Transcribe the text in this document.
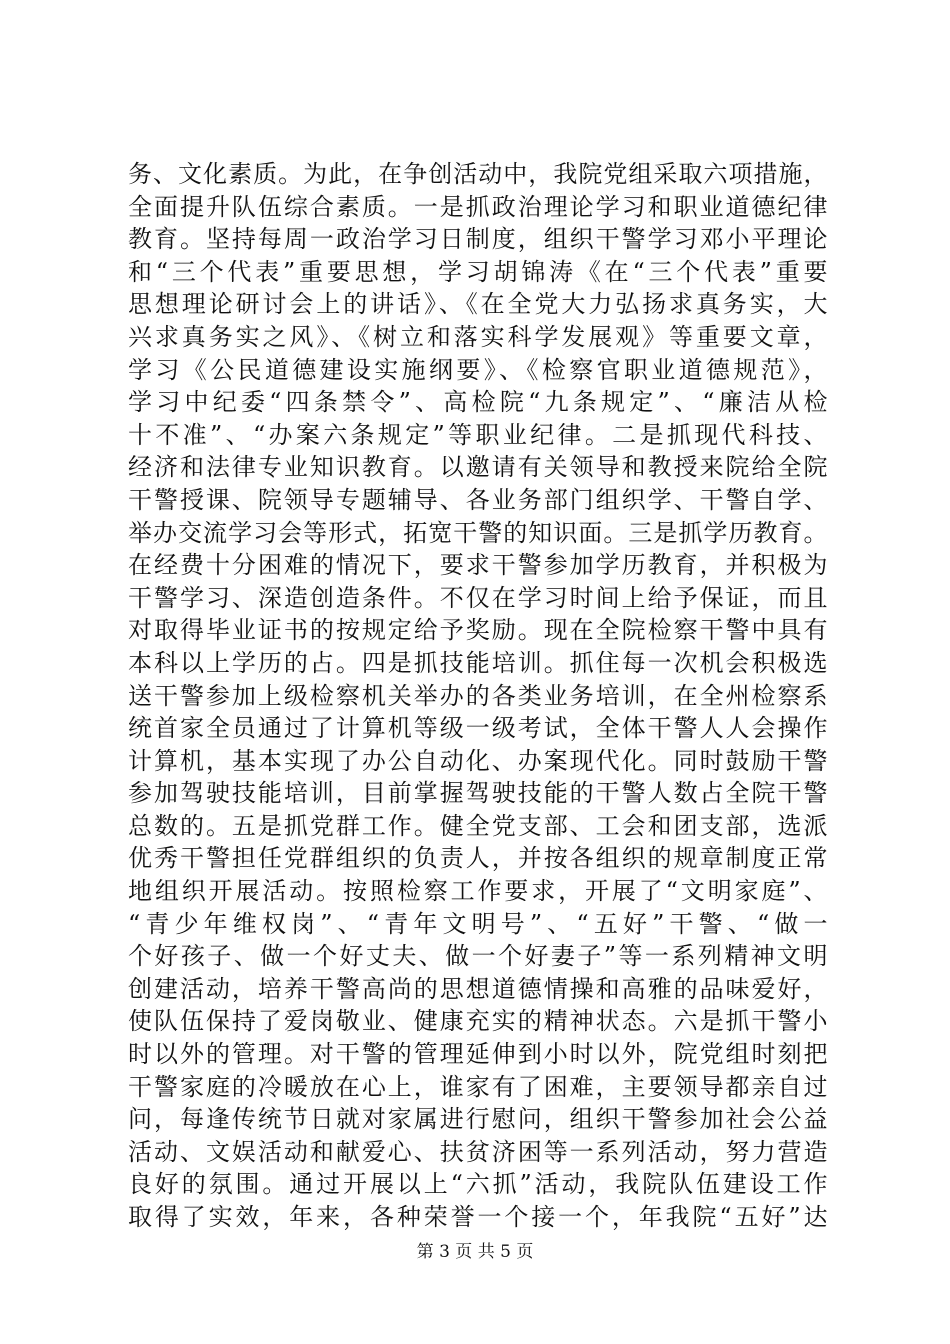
务、文化素质。为此，在争创活动中，我院党组采取六项措施，
全面提升队伍综合素质。一是抓政治理论学习和职业道德纪律
教育。坚持每周一政治学习日制度，组织干警学习邓小平理论
和“三个代表”重要思想，学习胡锦涛《在“三个代表”重要
思想理论研讨会上的讲话》、《在全党大力弘扬求真务实，大
兴求真务实之风》、《树立和落实科学发展观》等重要文章，
学习《公民道德建设实施纲要》、《检察官职业道德规范》，
学习中纪委“四条禁令”、高检院“九条规定”、“廉洁从检
十不准”、“办案六条规定”等职业纪律。二是抓现代科技、
经济和法律专业知识教育。以邀请有关领导和教授来院给全院
干警授课、院领导专题辅导、各业务部门组织学、干警自学、
举办交流学习会等形式，拓宽干警的知识面。三是抓学历教育。
在经费十分困难的情况下，要求干警参加学历教育，并积极为
干警学习、深造创造条件。不仅在学习时间上给予保证，而且
对取得毕业证书的按规定给予奖励。现在全院检察干警中具有
本科以上学历的占。四是抓技能培训。抓住每一次机会积极选
送干警参加上级检察机关举办的各类业务培训，在全州检察系
统首家全员通过了计算机等级一级考试，全体干警人人会操作
计算机，基本实现了办公自动化、办案现代化。同时鼓励干警
参加驾驶技能培训，目前掌握驾驶技能的干警人数占全院干警
总数的。五是抓党群工作。健全党支部、工会和团支部，选派
优秀干警担任党群组织的负责人，并按各组织的规章制度正常
地组织开展活动。按照检察工作要求，开展了“文明家庭”、
“青少年维权岗”、“青年文明号”、“五好”干警、“做一
个好孩子、做一个好丈夫、做一个好妻子”等一系列精神文明
创建活动，培养干警高尚的思想道德情操和高雅的品味爱好，
使队伍保持了爱岗敬业、健康充实的精神状态。六是抓干警小
时以外的管理。对干警的管理延伸到小时以外，院党组时刻把
干警家庭的冷暖放在心上，谁家有了困难，主要领导都亲自过
问，每逢传统节日就对家属进行慰问，组织干警参加社会公益
活动、文娱活动和献爱心、扶贫济困等一系列活动，努力营造
良好的氛围。通过开展以上“六抓”活动，我院队伍建设工作
取得了实效，年来，各种荣誉一个接一个，年我院“五好”达
第 3 页 共 5 页
